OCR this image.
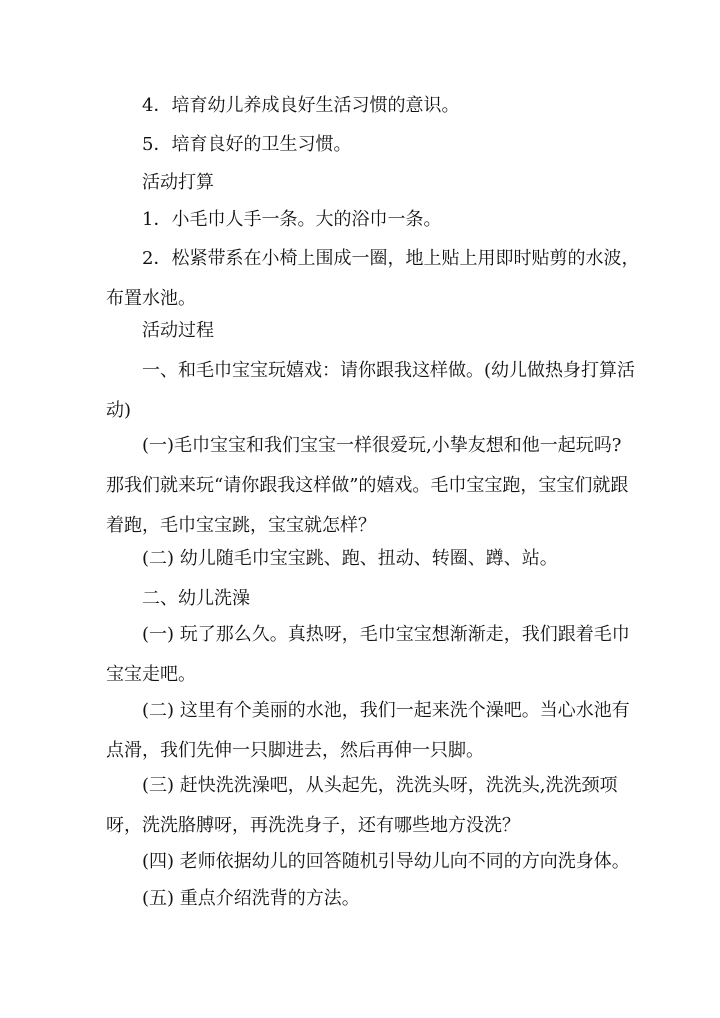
4．培育幼儿养成良好生活习惯的意识。
5．培育良好的卫生习惯。
活动打算
1．小毛巾人手一条。大的浴巾一条。
2．松紧带系在小椅上围成一圈，地上贴上用即时贴剪的水波，
布置水池。
活动过程
一、和毛巾宝宝玩嬉戏：请你跟我这样做。(幼儿做热身打算活
动)
(一)毛巾宝宝和我们宝宝一样很爱玩,小挚友想和他一起玩吗?
那我们就来玩“请你跟我这样做”的嬉戏。毛巾宝宝跑，宝宝们就跟
着跑，毛巾宝宝跳，宝宝就怎样？
(二) 幼儿随毛巾宝宝跳、跑、扭动、转圈、蹲、站。
二、幼儿洗澡
(一) 玩了那么久。真热呀，毛巾宝宝想渐渐走，我们跟着毛巾
宝宝走吧。
(二) 这里有个美丽的水池，我们一起来洗个澡吧。当心水池有
点滑，我们先伸一只脚进去，然后再伸一只脚。
(三) 赶快洗洗澡吧，从头起先，洗洗头呀，洗洗头,洗洗颈项
呀，洗洗胳膊呀，再洗洗身子，还有哪些地方没洗？
(四) 老师依据幼儿的回答随机引导幼儿向不同的方向洗身体。
(五) 重点介绍洗背的方法。
